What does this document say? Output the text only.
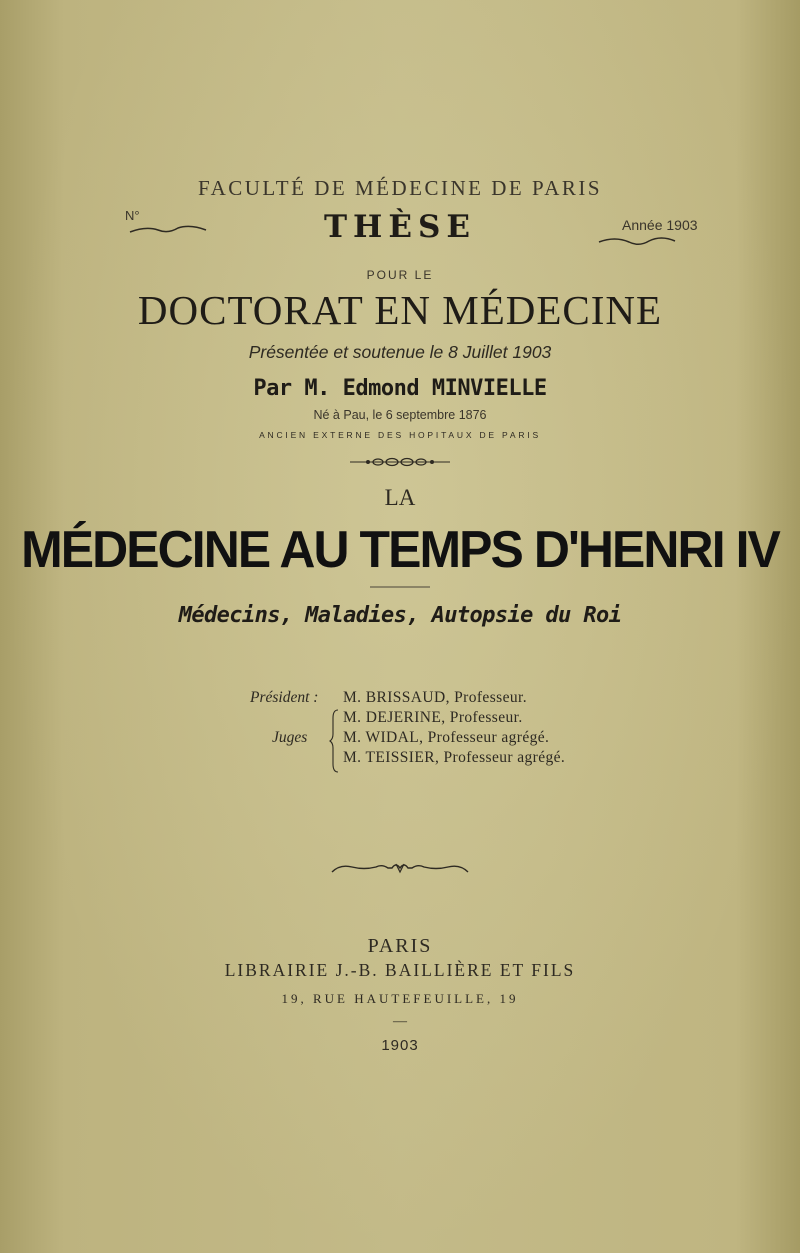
FACULTÉ DE MÉDECINE DE PARIS
N°	THÈSE	Année 1903
POUR LE
DOCTORAT EN MÉDECINE
Présentée et soutenue le 8 Juillet 1903
Par M. Edmond MINVIELLE
Né à Pau, le 6 septembre 1876
ANCIEN EXTERNE DES HOPITAUX DE PARIS
LA
MÉDECINE AU TEMPS D'HENRI IV
Médecins, Maladies, Autopsie du Roi
Président : M. BRISSAUD, Professeur.
M. DEJERINE, Professeur.
Juges M. WIDAL, Professeur agrégé.
M. TEISSIER, Professeur agrégé.
PARIS
LIBRAIRIE J.-B. BAILLIÈRE ET FILS
19, RUE HAUTEFEUILLE, 19
—
1903
